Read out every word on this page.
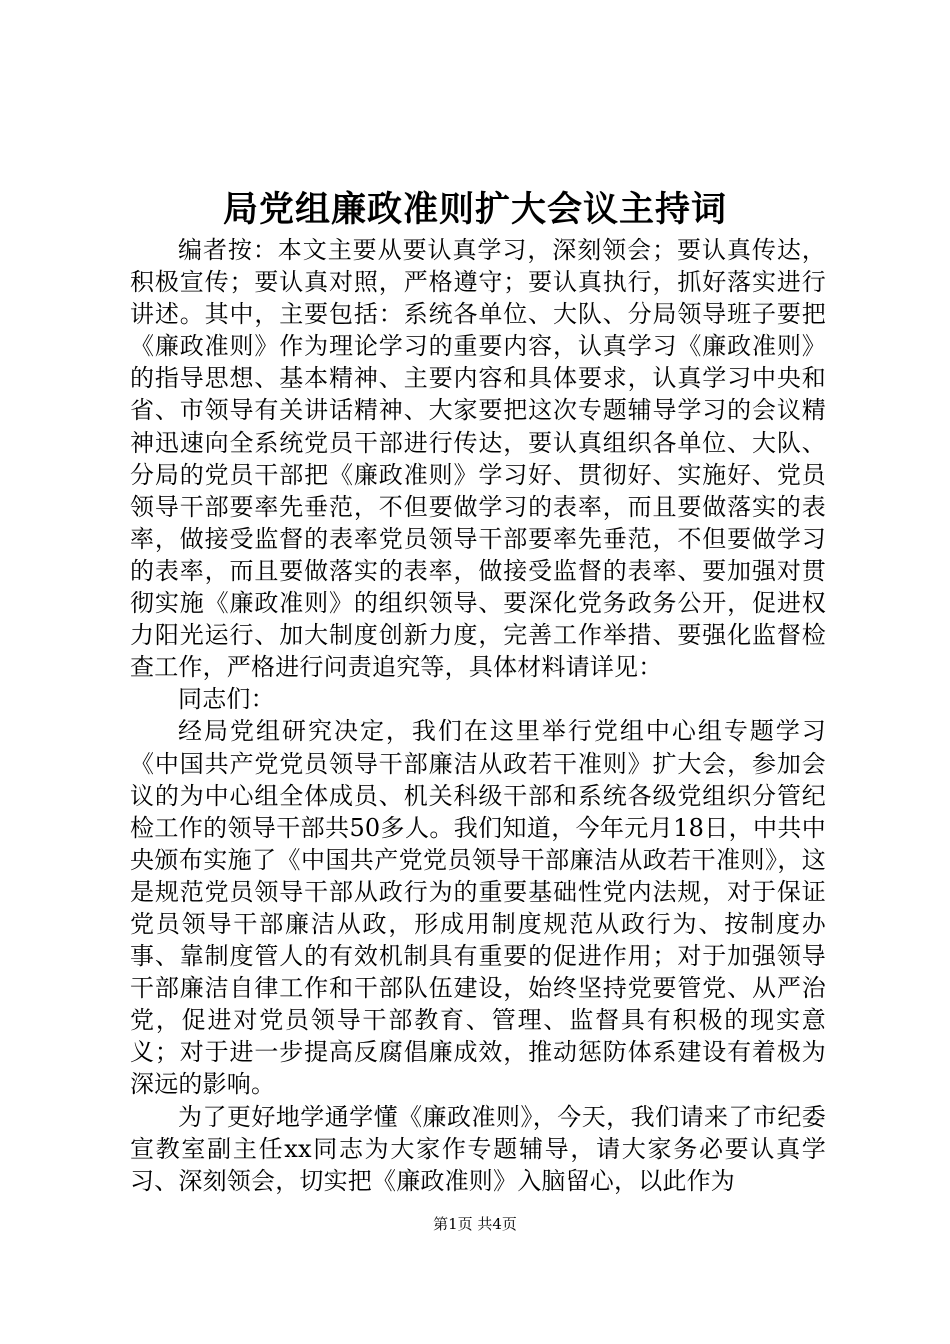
局党组廉政准则扩大会议主持词

编者按：本文主要从要认真学习，深刻领会；要认真传达，积极宣传；要认真对照，严格遵守；要认真执行，抓好落实进行讲述。其中，主要包括：系统各单位、大队、分局领导班子要把《廉政准则》作为理论学习的重要内容，认真学习《廉政准则》的指导思想、基本精神、主要内容和具体要求，认真学习中央和省、市领导有关讲话精神、大家要把这次专题辅导学习的会议精神迅速向全系统党员干部进行传达，要认真组织各单位、大队、分局的党员干部把《廉政准则》学习好、贯彻好、实施好、党员领导干部要率先垂范，不但要做学习的表率，而且要做落实的表率，做接受监督的表率党员领导干部要率先垂范，不但要做学习的表率，而且要做落实的表率，做接受监督的表率、要加强对贯彻实施《廉政准则》的组织领导、要深化党务政务公开，促进权力阳光运行、加大制度创新力度，完善工作举措、要强化监督检查工作，严格进行问责追究等，具体材料请详见：

同志们：

经局党组研究决定，我们在这里举行党组中心组专题学习《中国共产党党员领导干部廉洁从政若干准则》扩大会，参加会议的为中心组全体成员、机关科级干部和系统各级党组织分管纪检工作的领导干部共50多人。我们知道，今年元月18日，中共中央颁布实施了《中国共产党党员领导干部廉洁从政若干准则》，这是规范党员领导干部从政行为的重要基础性党内法规，对于保证党员领导干部廉洁从政，形成用制度规范从政行为、按制度办事、靠制度管人的有效机制具有重要的促进作用；对于加强领导干部廉洁自律工作和干部队伍建设，始终坚持党要管党、从严治党，促进对党员领导干部教育、管理、监督具有积极的现实意义；对于进一步提高反腐倡廉成效，推动惩防体系建设有着极为深远的影响。

为了更好地学通学懂《廉政准则》，今天，我们请来了市纪委宣教室副主任xx同志为大家作专题辅导，请大家务必要认真学习、深刻领会，切实把《廉政准则》入脑留心，以此作为

第1页 共4页
